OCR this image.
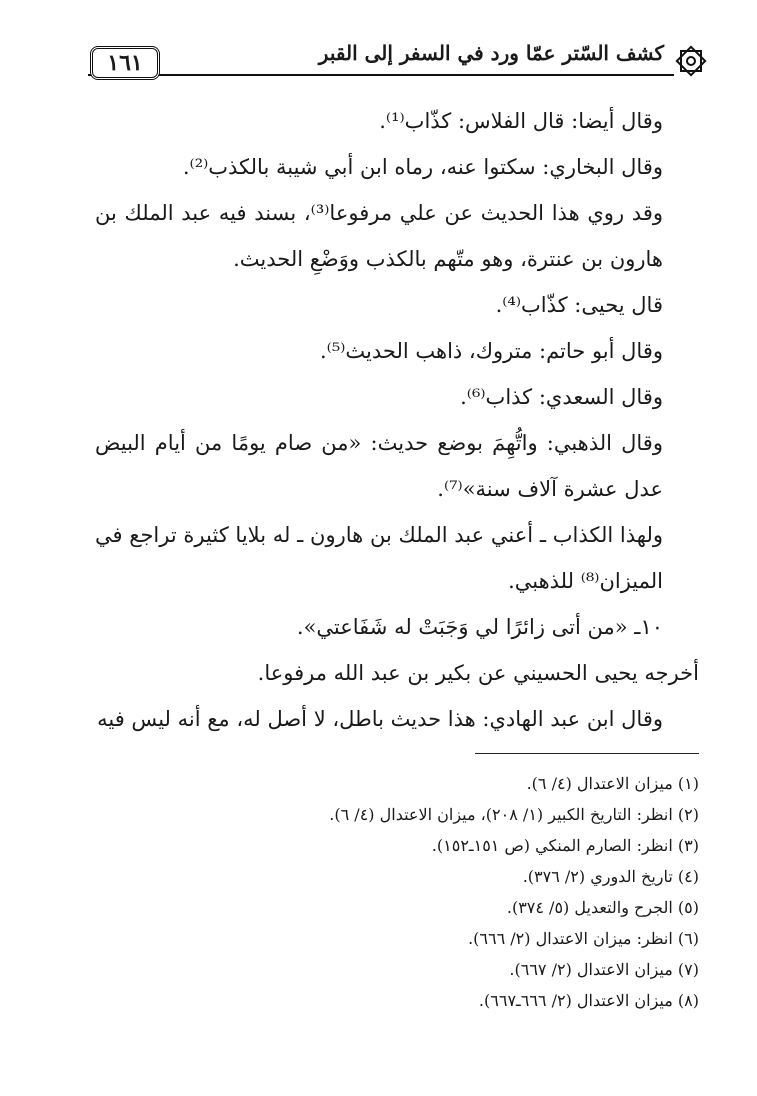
كشف السّتر عمّا ورد في السفر إلى القبر
١٦١

وقال أيضا: قال الفلاس: كذّاب⁽¹⁾.

وقال البخاري: سكتوا عنه، رماه ابن أبي شيبة بالكذب⁽²⁾.

وقد روي هذا الحديث عن علي مرفوعا⁽³⁾، بسند فيه عبد الملك بن هارون بن عنترة، وهو متّهم بالكذب ووَضْعِ الحديث.

قال يحيى: كذّاب⁽⁴⁾.

وقال أبو حاتم: متروك، ذاهب الحديث⁽⁵⁾.

وقال السعدي: كذاب⁽⁶⁾.

وقال الذهبي: واتُّهِمَ بوضع حديث: «من صام يومًا من أيام البيض عدل عشرة آلاف سنة»⁽⁷⁾.

ولهذا الكذاب ـ أعني عبد الملك بن هارون ـ له بلايا كثيرة تراجع في الميزان⁽⁸⁾ للذهبي.

١٠ـ «من أتى زائرًا لي وَجَبَتْ له شَفَاعتي».

أخرجه يحيى الحسيني عن بكير بن عبد الله مرفوعا.

وقال ابن عبد الهادي: هذا حديث باطل، لا أصل له، مع أنه ليس فيه

(١) ميزان الاعتدال (٤/ ٦).

(٢) انظر: التاريخ الكبير (١/ ٢٠٨)، ميزان الاعتدال (٤/ ٦).

(٣) انظر: الصارم المنكي (ص ١٥١ـ١٥٢).

(٤) تاريخ الدوري (٢/ ٣٧٦).

(٥) الجرح والتعديل (٥/ ٣٧٤).

(٦) انظر: ميزان الاعتدال (٢/ ٦٦٦).

(٧) ميزان الاعتدال (٢/ ٦٦٧).

(٨) ميزان الاعتدال (٢/ ٦٦٦ـ٦٦٧).
